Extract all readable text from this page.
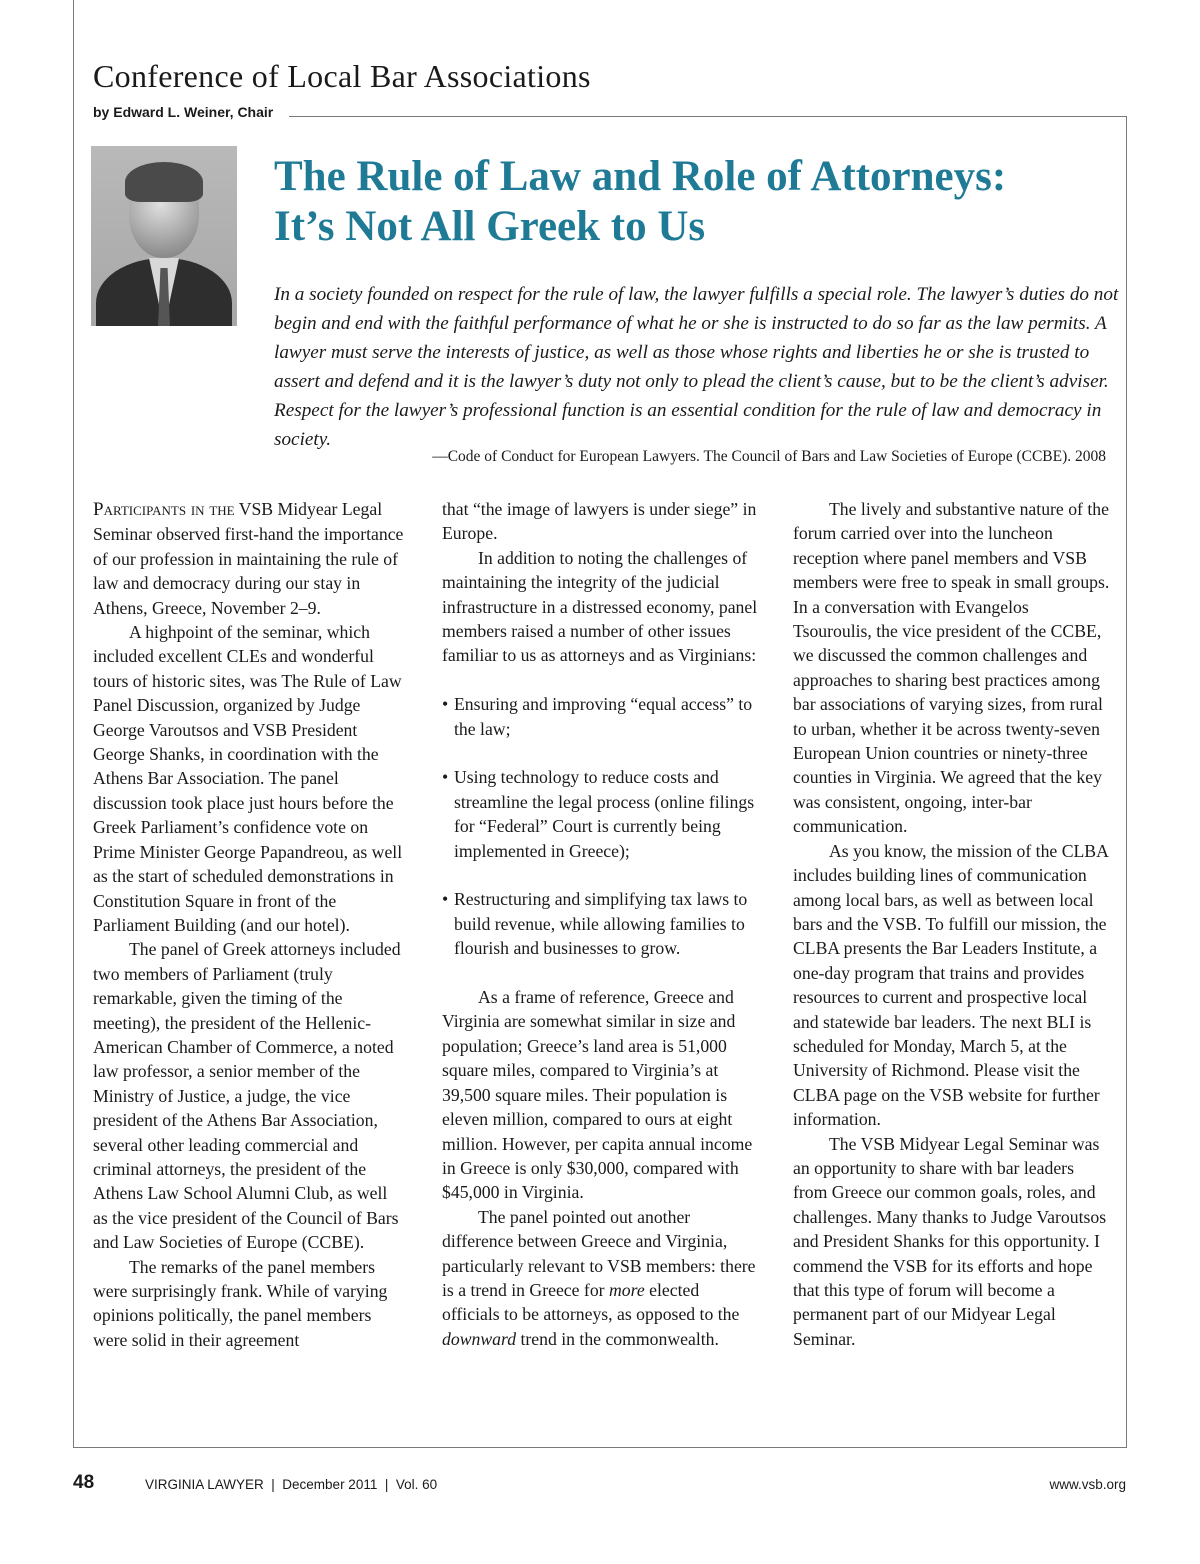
Conference of Local Bar Associations
by Edward L. Weiner, Chair
The Rule of Law and Role of Attorneys:
It’s Not All Greek to Us

In a society founded on respect for the rule of law, the lawyer fulfills a special role. The lawyer’s duties do not begin and end with the faithful performance of what he or she is instructed to do so far as the law permits. A lawyer must serve the interests of justice, as well as those whose rights and liberties he or she is trusted to assert and defend and it is the lawyer’s duty not only to plead the client’s cause, but to be the client’s adviser. Respect for the lawyer’s professional function is an essential condition for the rule of law and democracy in society.

—Code of Conduct for European Lawyers. The Council of Bars and Law Societies of Europe (CCBE). 2008

Participants in the VSB Midyear Legal Seminar observed first-hand the importance of our profession in maintaining the rule of law and democracy during our stay in Athens, Greece, November 2–9.

A highpoint of the seminar, which included excellent CLEs and wonderful tours of historic sites, was The Rule of Law Panel Discussion, organized by Judge George Varoutsos and VSB President George Shanks, in coordination with the Athens Bar Association. The panel discussion took place just hours before the Greek Parliament’s confidence vote on Prime Minister George Papandreou, as well as the start of scheduled demonstrations in Constitution Square in front of the Parliament Building (and our hotel).

The panel of Greek attorneys included two members of Parliament (truly remarkable, given the timing of the meeting), the president of the Hellenic-American Chamber of Commerce, a noted law professor, a senior member of the Ministry of Justice, a judge, the vice president of the Athens Bar Association, several other leading commercial and criminal attorneys, the president of the Athens Law School Alumni Club, as well as the vice president of the Council of Bars and Law Societies of Europe (CCBE).

The remarks of the panel members were surprisingly frank. While of varying opinions politically, the panel members were solid in their agreement

that “the image of lawyers is under siege” in Europe.

In addition to noting the challenges of maintaining the integrity of the judicial infrastructure in a distressed economy, panel members raised a number of other issues familiar to us as attorneys and as Virginians:

• Ensuring and improving “equal access” to the law;
• Using technology to reduce costs and streamline the legal process (online filings for “Federal” Court is currently being implemented in Greece);
• Restructuring and simplifying tax laws to build revenue, while allowing families to flourish and businesses to grow.

As a frame of reference, Greece and Virginia are somewhat similar in size and population; Greece’s land area is 51,000 square miles, compared to Virginia’s at 39,500 square miles. Their population is eleven million, compared to ours at eight million. However, per capita annual income in Greece is only $30,000, compared with $45,000 in Virginia.

The panel pointed out another difference between Greece and Virginia, particularly relevant to VSB members: there is a trend in Greece for more elected officials to be attorneys, as opposed to the downward trend in the commonwealth.

The lively and substantive nature of the forum carried over into the luncheon reception where panel members and VSB members were free to speak in small groups. In a conversation with Evangelos Tsouroulis, the vice president of the CCBE, we discussed the common challenges and approaches to sharing best practices among bar associations of varying sizes, from rural to urban, whether it be across twenty-seven European Union countries or ninety-three counties in Virginia. We agreed that the key was consistent, ongoing, inter-bar communication.

As you know, the mission of the CLBA includes building lines of communication among local bars, as well as between local bars and the VSB. To fulfill our mission, the CLBA presents the Bar Leaders Institute, a one-day program that trains and provides resources to current and prospective local and statewide bar leaders. The next BLI is scheduled for Monday, March 5, at the University of Richmond. Please visit the CLBA page on the VSB website for further information.

The VSB Midyear Legal Seminar was an opportunity to share with bar leaders from Greece our common goals, roles, and challenges. Many thanks to Judge Varoutsos and President Shanks for this opportunity. I commend the VSB for its efforts and hope that this type of forum will become a permanent part of our Midyear Legal Seminar.

48	VIRGINIA LAWYER  |  December 2011  |  Vol. 60	www.vsb.org
